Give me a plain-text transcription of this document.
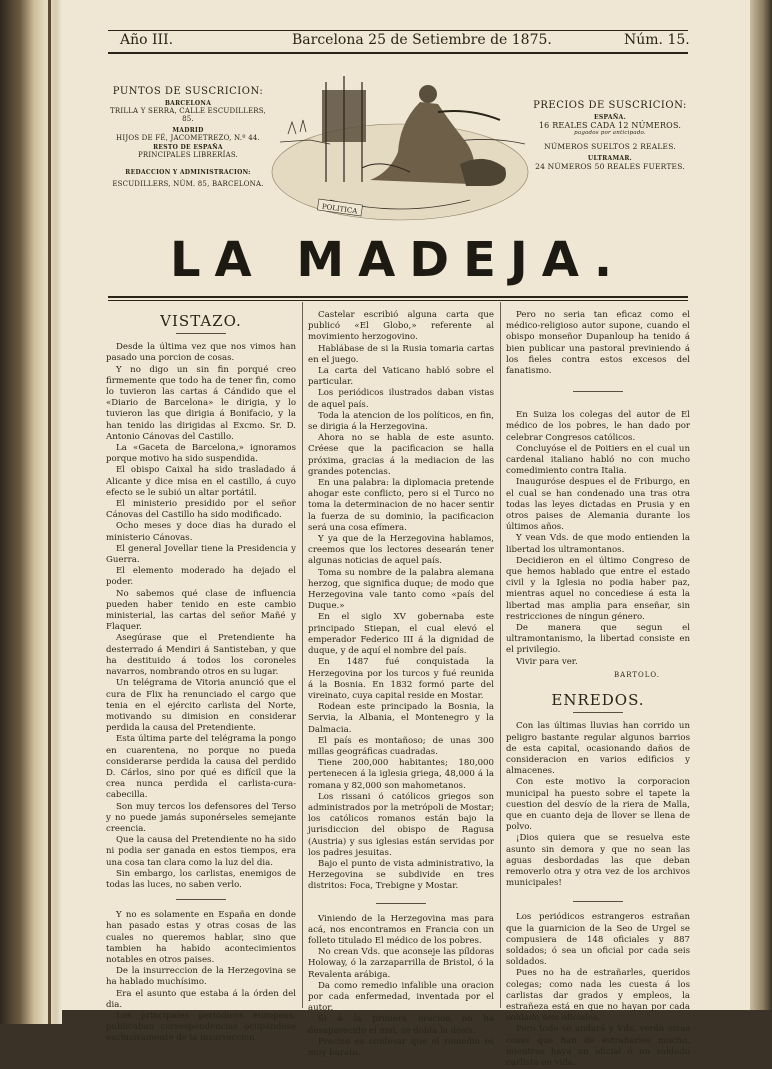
Año III.	Barcelona 25 de Setiembre de 1875.	Núm. 15.
PUNTOS DE SUSCRICION:
BARCELONA
TRILLA Y SERRA, CALLE ESCUDILLERS, 85.
MADRID
HIJOS DE FÉ, JACOMETREZO, N.º 44.
RESTO DE ESPAÑA
PRINCIPALES LIBRERÍAS.
REDACCION Y ADMINISTRACION:
ESCUDILLERS, NÚM. 85, BARCELONA.
POLITICA
PRECIOS DE SUSCRICION:
ESPAÑA.
16 REALES CADA 12 NÚMEROS.
pagados por anticipado.
NÚMEROS SUELTOS 2 REALES.
ULTRAMAR.
24 NÚMEROS 50 REALES FUERTES.
LA MADEJA.
VISTAZO.

Desde la última vez que nos vimos han pasado una porcion de cosas.

Y no digo un sin fin porqué creo firmemente que todo ha de tener fin, como lo tuvieron las cartas á Cándido que el «Diario de Barcelona» le dirigia, y lo tuvieron las que dirigia á Bonifacio, y la han tenido las dirigidas al Excmo. Sr. D. Antonio Cánovas del Castillo.

La «Gaceta de Barcelona,» ignoramos porque motivo ha sido suspendida.

El obispo Caixal ha sido trasladado á Alicante y dice misa en el castillo, á cuyo efecto se le subió un altar portátil.

El ministerio presidido por el señor Cánovas del Castillo ha sido modificado.

Ocho meses y doce dias ha durado el ministerio Cánovas.

El general Jovellar tiene la Presidencia y Guerra.

El elemento moderado ha dejado el poder.

No sabemos qué clase de influencia pueden haber tenido en este cambio ministerial, las cartas del señor Mañé y Flaquer.

Asegúrase que el Pretendiente ha desterrado á Mendiri á Santisteban, y que ha destituido á todos los coroneles navarros, nombrando otros en su lugar.

Un telégrama de Vitoria anunció que el cura de Flix ha renunciado el cargo que tenia en el ejército carlista del Norte, motivando su dimision en considerar perdida la causa del Pretendiente.

Esta última parte del telégrama la pongo en cuarentena, no porque no pueda considerarse perdida la causa del perdido D. Cárlos, sino por qué es difícil que la crea nunca perdida el carlista-cura-cabecilla.

Son muy tercos los defensores del Terso y no puede jamás suponérseles semejante creencia.

Que la causa del Pretendiente no ha sido ni podia ser ganada en estos tiempos, era una cosa tan clara como la luz del dia.

Sin embargo, los carlistas, enemigos de todas las luces, no saben verlo.

Y no es solamente en España en donde han pasado estas y otras cosas de las cuales no queremos hablar, sino que tambien ha habido acontecimientos notables en otros paises.

De la insurreccion de la Herzegovina se ha hablado muchísimo.

Era el asunto que estaba á la órden del dia.

Los principales periódicos europeos, publicaban correspondencias ocupándose exclusivamente de la insurreccion.

Castelar escribió alguna carta que publicó «El Globo,» referente al movimiento herzogovino.

Hablábase de si la Rusia tomaria cartas en el juego.

La carta del Vaticano habló sobre el particular.

Los periódicos ilustrados daban vistas de aquel país.

Toda la atencion de los políticos, en fin, se dirigia á la Herzegovina.

Ahora no se habla de este asunto. Créese que la pacificacion se halla próxima, gracias á la mediacion de las grandes potencias.

En una palabra: la diplomacia pretende ahogar este conflicto, pero si el Turco no toma la determinacion de no hacer sentir la fuerza de su dominio, la pacificacion será una cosa efímera.

Y ya que de la Herzegovina hablamos, creemos que los lectores desearán tener algunas noticias de aquel país.

Toma su nombre de la palabra alemana herzog, que significa duque; de modo que Herzegovina vale tanto como «país del Duque.»

En el siglo XV gobernaba este principado Stiepan, el cual elevó el emperador Federico III á la dignidad de duque, y de aquí el nombre del país.

En 1487 fué conquistada la Herzegovina por los turcos y fué reunida á la Bosnia. En 1832 formó parte del vireinato, cuya capital reside en Mostar.

Rodean este principado la Bosnia, la Servia, la Albania, el Montenegro y la Dalmacia.

El país es montañoso; de unas 300 millas geográficas cuadradas.

Tiene 200,000 habitantes; 180,000 pertenecen á la iglesia griega, 48,000 á la romana y 82,000 son mahometanos.

Los rissani ó católicos griegos son administrados por la metrópoli de Mostar; los católicos romanos están bajo la jurisdiccion del obispo de Ragusa (Austria) y sus iglesias están servidas por los padres jesuitas.

Bajo el punto de vista administrativo, la Herzegovina se subdivide en tres distritos: Foca, Trebigne y Mostar.

Viniendo de la Herzegovina mas para acá, nos encontramos en Francia con un folleto titulado El médico de los pobres.

No crean Vds. que aconseje las píldoras Holoway, ó la zarzaparrilla de Bristol, ó la Revalenta arábiga.

Da como remedio infalible una oracion por cada enfermedad, inventada por el autor.

Si á la primera oracion no ha desaparecido el mal, se dobla la dósis.

Preciso es confesar que el remedio es muy barato.

Pero no seria tan eficaz como el médico-religioso autor supone, cuando el obispo monseñor Dupanloup ha tenido á bien publicar una pastoral previniendo á los fieles contra estos excesos del fanatismo.

En Suiza los colegas del autor de El médico de los pobres, le han dado por celebrar Congresos católicos.

Concluyóse el de Poitiers en el cual un cardenal italiano habló no con mucho comedimiento contra Italia.

Inauguróse despues el de Friburgo, en el cual se han condenado una tras otra todas las leyes dictadas en Prusia y en otros paises de Alemania durante los últimos años.

Y vean Vds. de que modo entienden la libertad los ultramontanos.

Decidieron en el último Congreso de que hemos hablado que entre el estado civil y la Iglesia no podia haber paz, mientras aquel no concediese á esta la libertad mas amplia para enseñar, sin restricciones de ningun género.

De manera que segun el ultramontanismo, la libertad consiste en el privilegio.

Vivir para ver.

BARTOLO.
ENREDOS.

Con las últimas lluvias han corrido un peligro bastante regular algunos barrios de esta capital, ocasionando daños de consideracion en varios edificios y almacenes.

Con este motivo la corporacion municipal ha puesto sobre el tapete la cuestion del desvío de la riera de Malla, que en cuanto deja de llover se llena de polvo.

¡Dios quiera que se resuelva este asunto sin demora y que no sean las aguas desbordadas las que deban removerlo otra y otra vez de los archivos municipales!

Los periódicos estrangeros estrañan que la guarnicion de la Seo de Urgel se compusiera de 148 oficiales y 887 soldados; ó sea un oficial por cada seis soldados.

Pues no ha de estrañarles, queridos colegas; como nada les cuesta á los carlistas dar grados y empleos, la estrañeza está en que no hayan por cada soldado seis oficiales.

Pero todo se andará y Vds. verán otras cosas que han de estrañarles mucho, mientras haya un oficial ó un soldado carlista en vida.
